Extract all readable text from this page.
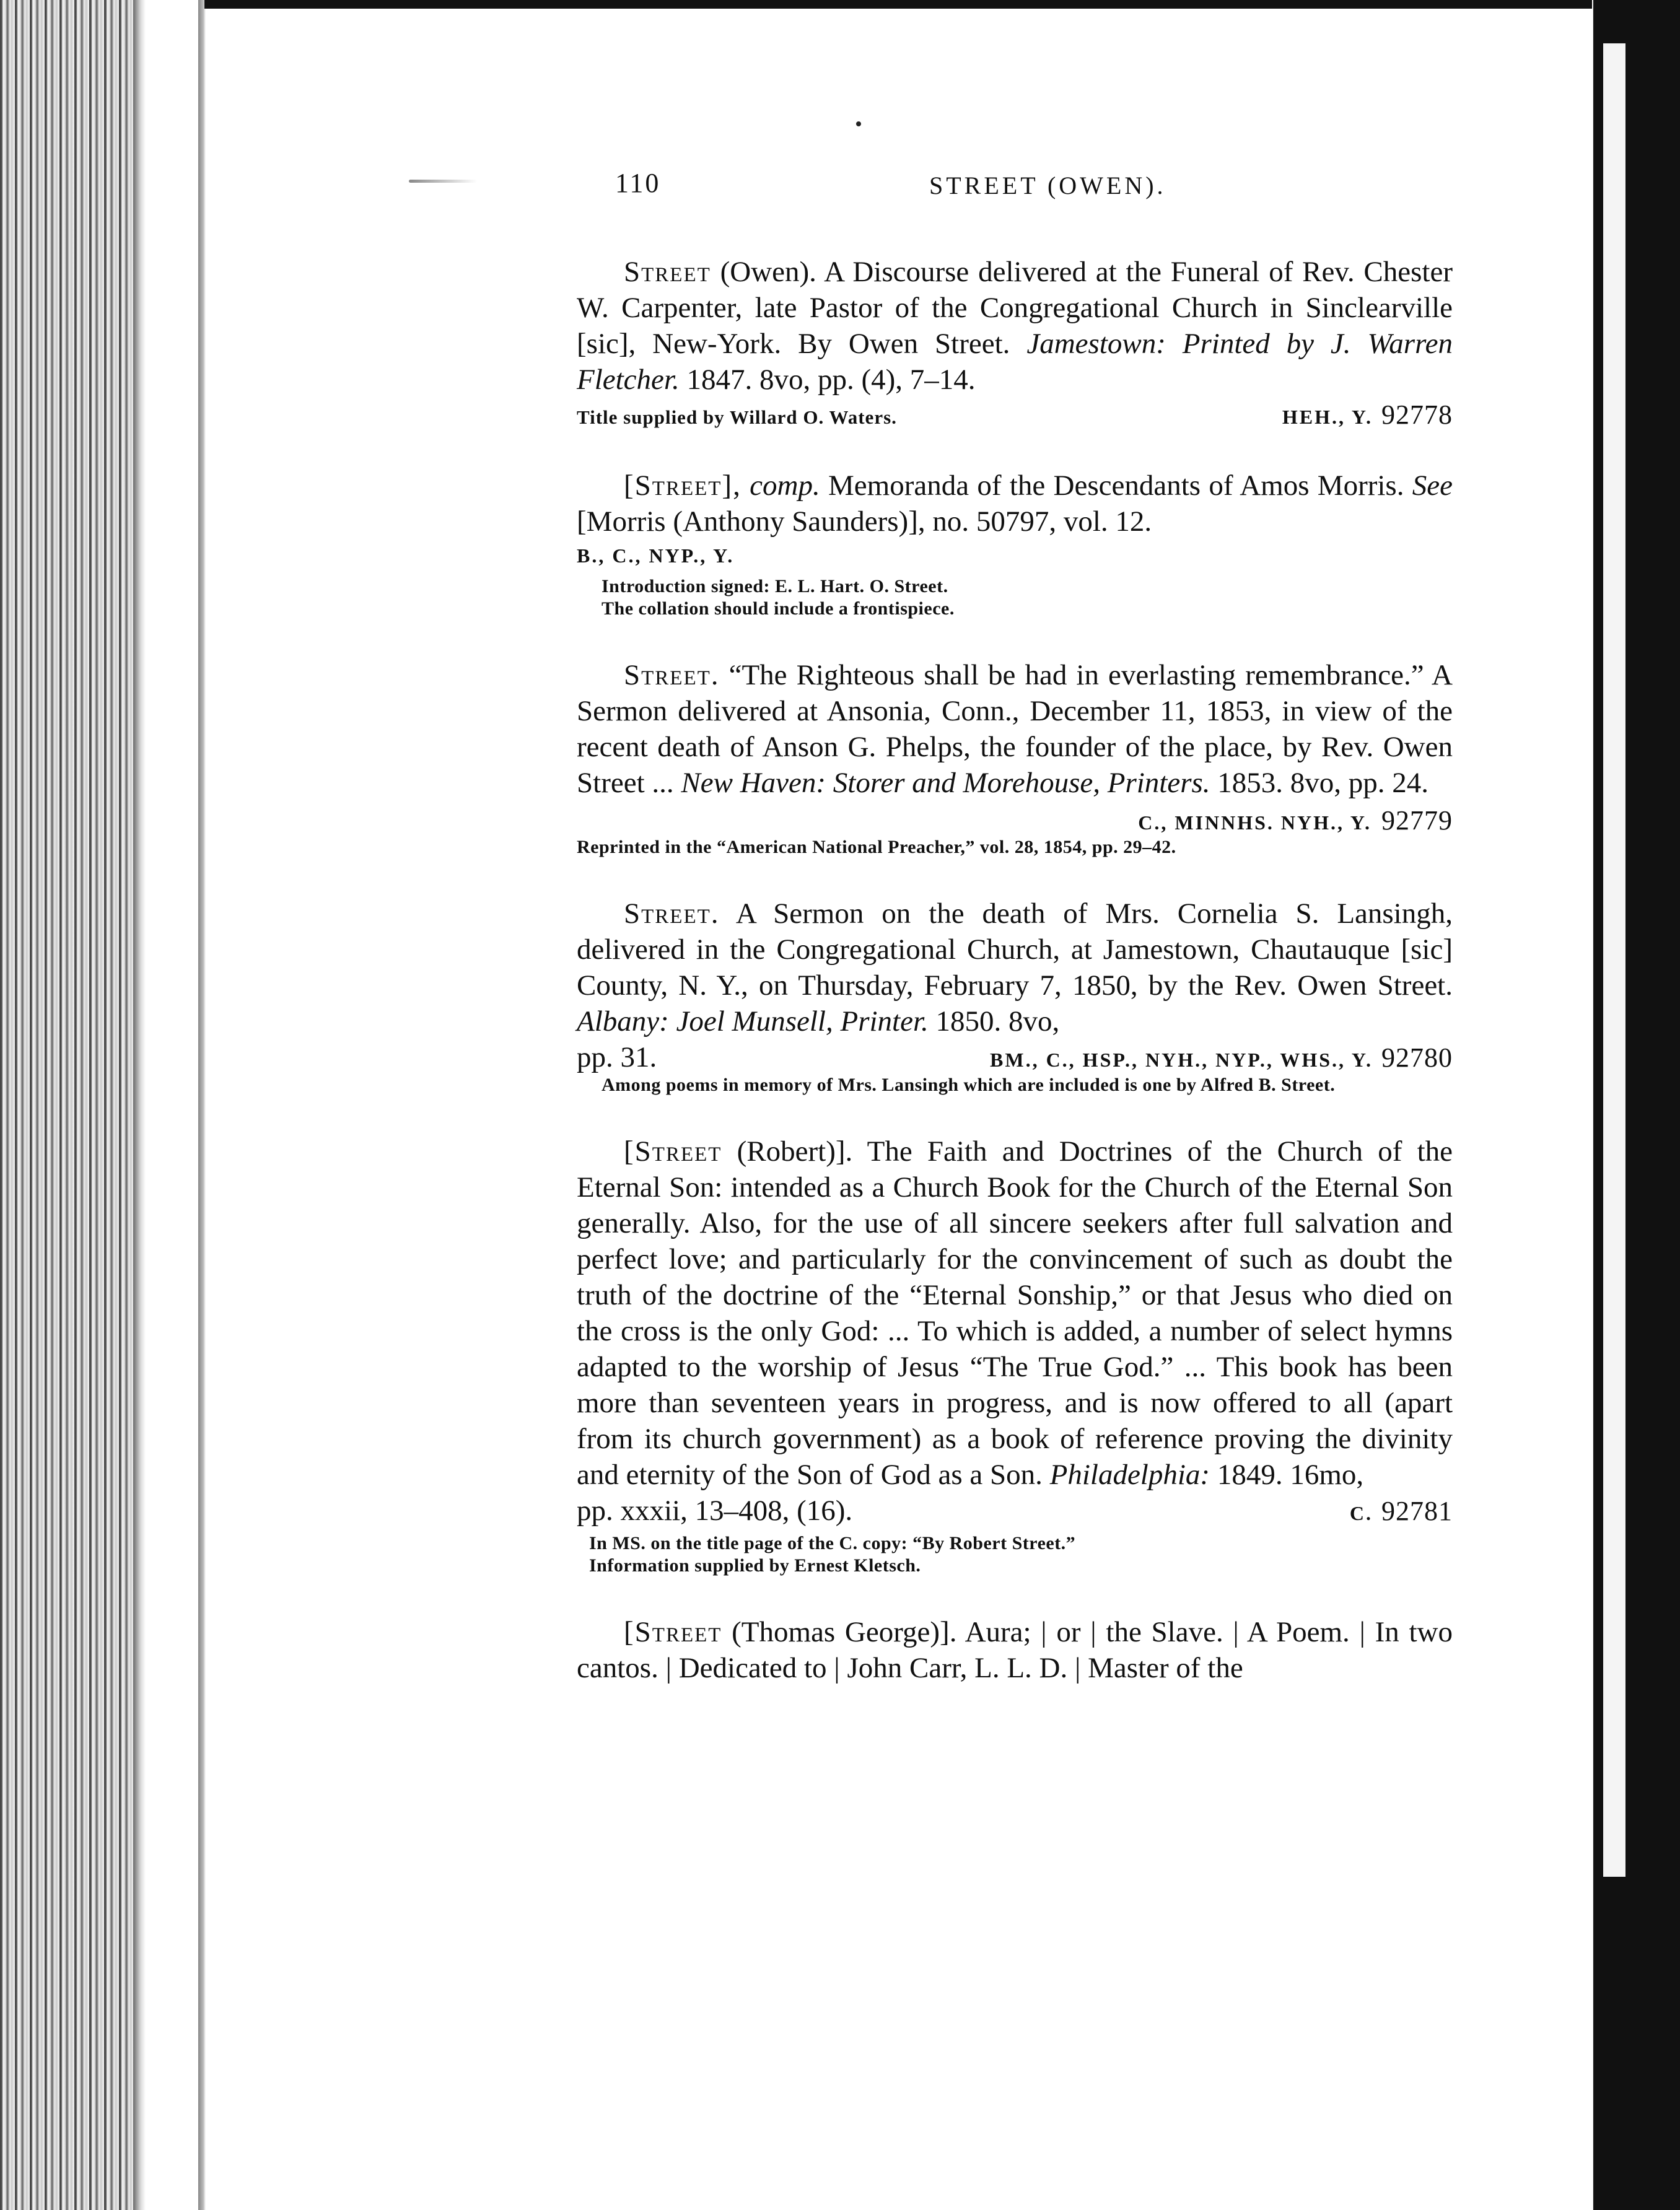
110	STREET (OWEN).

Street (Owen). A Discourse delivered at the Funeral of Rev. Chester W. Carpenter, late Pastor of the Congregational Church in Sinclearville [sic], New-York. By Owen Street. Jamestown: Printed by J. Warren Fletcher. 1847. 8vo, pp. (4), 7–14.

Title supplied by Willard O. Waters.	HEH., Y. 92778

[Street], comp. Memoranda of the Descendants of Amos Morris. See [Morris (Anthony Saunders)], no. 50797, vol. 12.

B., C., NYP., Y.

Introduction signed: E. L. Hart. O. Street.

The collation should include a frontispiece.

Street. “The Righteous shall be had in everlasting remembrance.” A Sermon delivered at Ansonia, Conn., December 11, 1853, in view of the recent death of Anson G. Phelps, the founder of the place, by Rev. Owen Street ... New Haven: Storer and Morehouse, Printers. 1853. 8vo, pp. 24.

C., MINNHS. NYH., Y. 92779

Reprinted in the “American National Preacher,” vol. 28, 1854, pp. 29–42.

Street. A Sermon on the death of Mrs. Cornelia S. Lansingh, delivered in the Congregational Church, at Jamestown, Chautauque [sic] County, N. Y., on Thursday, February 7, 1850, by the Rev. Owen Street. Albany: Joel Munsell, Printer. 1850. 8vo,

pp. 31.	BM., C., HSP., NYH., NYP., WHS., Y. 92780

Among poems in memory of Mrs. Lansingh which are included is one by Alfred B. Street.

[Street (Robert)]. The Faith and Doctrines of the Church of the Eternal Son: intended as a Church Book for the Church of the Eternal Son generally. Also, for the use of all sincere seekers after full salvation and perfect love; and particularly for the convincement of such as doubt the truth of the doctrine of the “Eternal Sonship,” or that Jesus who died on the cross is the only God: ... To which is added, a number of select hymns adapted to the worship of Jesus “The True God.” ... This book has been more than seventeen years in progress, and is now offered to all (apart from its church government) as a book of reference proving the divinity and eternity of the Son of God as a Son. Philadelphia: 1849. 16mo,

pp. xxxii, 13–408, (16).	C. 92781

In MS. on the title page of the C. copy: “By Robert Street.”

Information supplied by Ernest Kletsch.

[Street (Thomas George)]. Aura; | or | the Slave. | A Poem. | In two cantos. | Dedicated to | John Carr, L. L. D. | Master of the
